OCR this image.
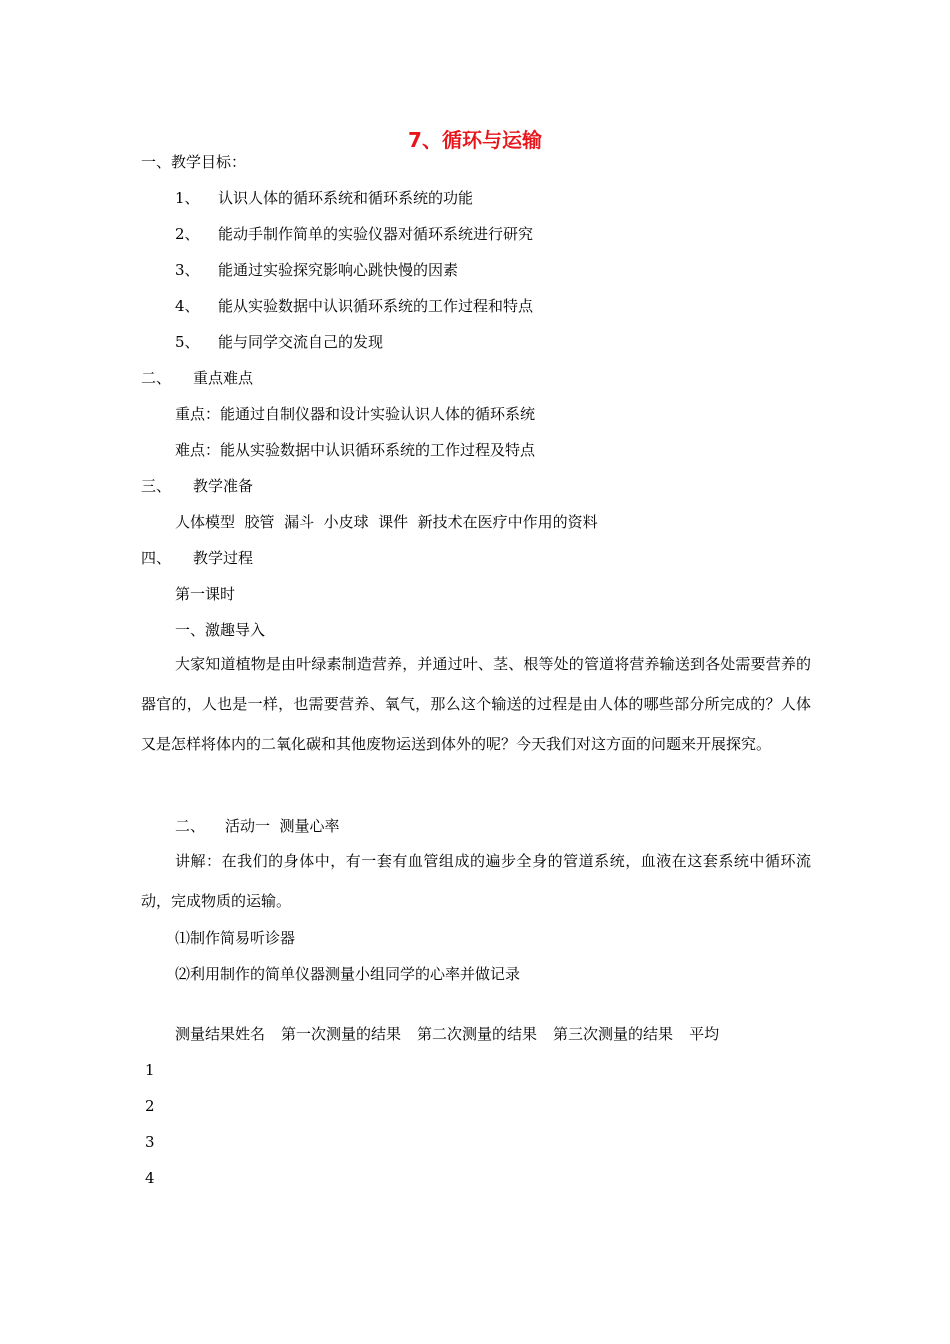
7、循环与运输
一、教学目标：
1、 认识人体的循环系统和循环系统的功能
2、 能动手制作简单的实验仪器对循环系统进行研究
3、 能通过实验探究影响心跳快慢的因素
4、 能从实验数据中认识循环系统的工作过程和特点
5、 能与同学交流自己的发现
二、 重点难点
重点：能通过自制仪器和设计实验认识人体的循环系统
难点：能从实验数据中认识循环系统的工作过程及特点
三、 教学准备
人体模型  胶管  漏斗  小皮球  课件  新技术在医疗中作用的资料
四、 教学过程
第一课时
一、激趣导入
大家知道植物是由叶绿素制造营养，并通过叶、茎、根等处的管道将营养输送到各处需要营养的器官的，人也是一样，也需要营养、氧气，那么这个输送的过程是由人体的哪些部分所完成的？人体又是怎样将体内的二氧化碳和其他废物运送到体外的呢？今天我们对这方面的问题来开展探究。
二、 活动一  测量心率
讲解：在我们的身体中，有一套有血管组成的遍步全身的管道系统，血液在这套系统中循环流动，完成物质的运输。
⑴制作简易听诊器
⑵利用制作的简单仪器测量小组同学的心率并做记录
测量结果姓名 第一次测量的结果 第二次测量的结果 第三次测量的结果 平均
1
2
3
4
